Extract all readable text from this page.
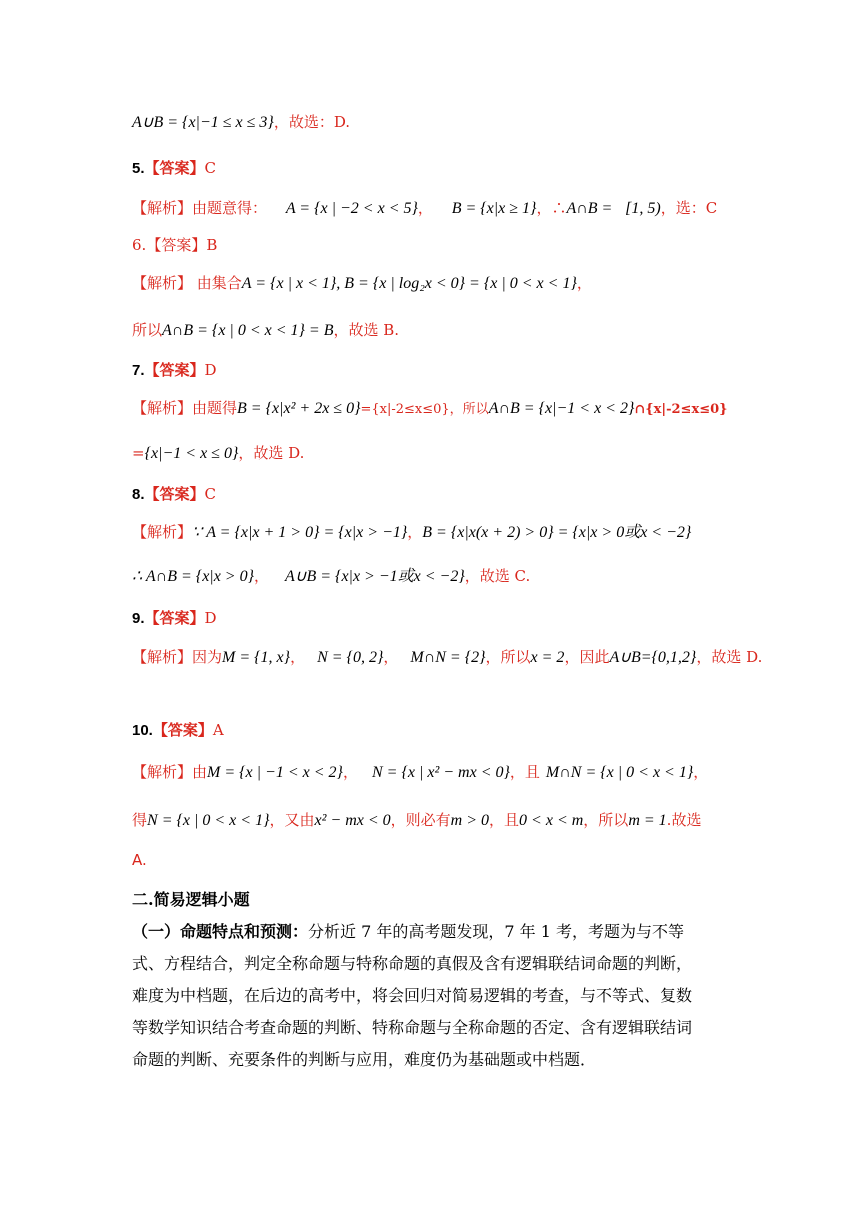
A∪B = {x|−1 ≤ x ≤ 3}，故选：D.
5.【答案】C
【解析】由题意得： A = {x | −2 < x < 5}， B = {x|x ≥ 1}，∴A∩B = [1, 5)，选：C
6.【答案】B
【解析】 由集合A = {x | x < 1}, B = {x | log₂x < 0} = {x | 0 < x < 1}，
所以A∩B = {x | 0 < x < 1} = B，故选 B.
7.【答案】D
【解析】由题得B = {x|x² + 2x ≤ 0}={x|-2≤x≤0}，所以A∩B = {x|−1 < x < 2}∩{x|-2≤x≤0}
={x|−1 < x ≤ 0}，故选 D.
8.【答案】C
【解析】∵ A = {x|x + 1 > 0} = {x|x > −1}，B = {x|x(x + 2) > 0} = {x|x > 0或x < −2}
∴ A∩B = {x|x > 0}， A∪B = {x|x > −1或x < −2}，故选 C.
9.【答案】D
【解析】因为M = {1, x}， N = {0, 2}， M∩N = {2}，所以x = 2，因此A∪B={0,1,2}，故选 D.
10.【答案】A
【解析】由M = {x | −1 < x < 2}， N = {x | x² − mx < 0}，且 M∩N = {x | 0 < x < 1}，
得N = {x | 0 < x < 1}，又由x² − mx < 0，则必有m > 0，且0 < x < m，所以m = 1.故选
A.
二.简易逻辑小题

（一）命题特点和预测：分析近 7 年的高考题发现，7 年 1 考，考题为与不等

式、方程结合，判定全称命题与特称命题的真假及含有逻辑联结词命题的判断，

难度为中档题，在后边的高考中，将会回归对简易逻辑的考查，与不等式、复数

等数学知识结合考查命题的判断、特称命题与全称命题的否定、含有逻辑联结词

命题的判断、充要条件的判断与应用，难度仍为基础题或中档题．
